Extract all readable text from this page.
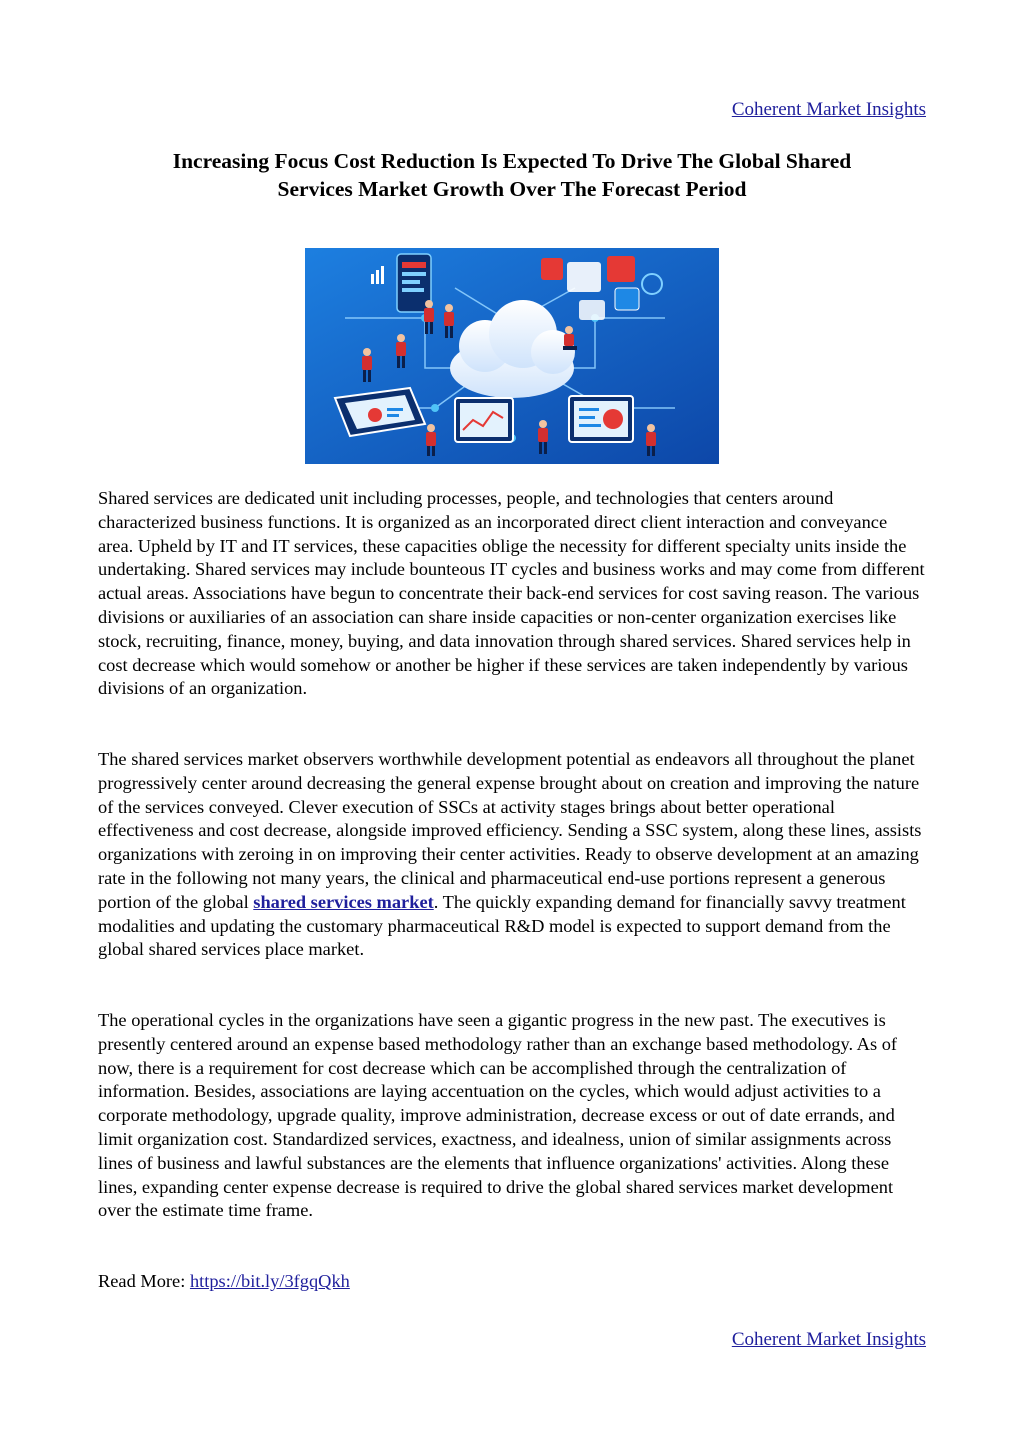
Coherent Market Insights
Increasing Focus Cost Reduction Is Expected To Drive The Global Shared
Services Market Growth Over The Forecast Period

Shared services are dedicated unit including processes, people, and technologies that centers around characterized business functions. It is organized as an incorporated direct client interaction and conveyance area. Upheld by IT and IT services, these capacities oblige the necessity for different specialty units inside the undertaking. Shared services may include bounteous IT cycles and business works and may come from different actual areas. Associations have begun to concentrate their back-end services for cost saving reason. The various divisions or auxiliaries of an association can share inside capacities or non-center organization exercises like stock, recruiting, finance, money, buying, and data innovation through shared services. Shared services help in cost decrease which would somehow or another be higher if these services are taken independently by various divisions of an organization.

The shared services market observers worthwhile development potential as endeavors all throughout the planet progressively center around decreasing the general expense brought about on creation and improving the nature of the services conveyed. Clever execution of SSCs at activity stages brings about better operational effectiveness and cost decrease, alongside improved efficiency. Sending a SSC system, along these lines, assists organizations with zeroing in on improving their center activities. Ready to observe development at an amazing rate in the following not many years, the clinical and pharmaceutical end-use portions represent a generous portion of the global shared services market. The quickly expanding demand for financially savvy treatment modalities and updating the customary pharmaceutical R&D model is expected to support demand from the global shared services place market.

The operational cycles in the organizations have seen a gigantic progress in the new past. The executives is presently centered around an expense based methodology rather than an exchange based methodology. As of now, there is a requirement for cost decrease which can be accomplished through the centralization of information. Besides, associations are laying accentuation on the cycles, which would adjust activities to a corporate methodology, upgrade quality, improve administration, decrease excess or out of date errands, and limit organization cost. Standardized services, exactness, and idealness, union of similar assignments across lines of business and lawful substances are the elements that influence organizations' activities. Along these lines, expanding center expense decrease is required to drive the global shared services market development over the estimate time frame.

Read More: https://bit.ly/3fgqQkh

Coherent Market Insights
